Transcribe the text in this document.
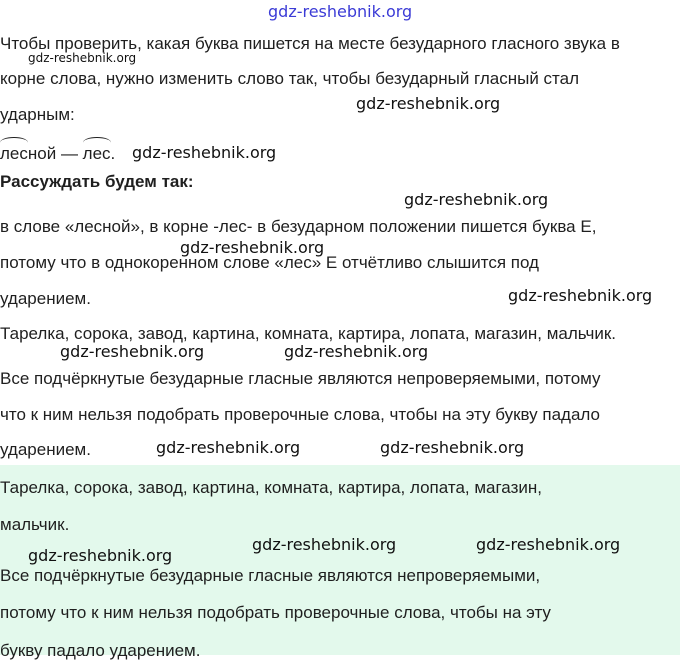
gdz-reshebnik.org
Чтобы проверить, какая буква пишется на месте безударного гласного звука в
корне слова, нужно изменить слово так, чтобы безударный гласный стал
ударным:
лесной — лес.
Рассуждать будем так:
в слове «лесной», в корне -лес- в безударном положении пишется буква Е,
потому что в однокоренном слове «лес» Е отчётливо слышится под
ударением.
Тарелка, сорока, завод, картина, комната, картира, лопата, магазин, мальчик.
Все подчёркнутые безударные гласные являются непроверяемыми, потому
что к ним нельзя подобрать проверочные слова, чтобы на эту букву падало
ударением.
Тарелка, сорока, завод, картина, комната, картира, лопата, магазин,
мальчик.
Все подчёркнутые безударные гласные являются непроверяемыми,
потому что к ним нельзя подобрать проверочные слова, чтобы на эту
букву падало ударением.
gdz-reshebnik.org
gdz-reshebnik.org
gdz-reshebnik.org
gdz-reshebnik.org
gdz-reshebnik.org
gdz-reshebnik.org
gdz-reshebnik.org	gdz-reshebnik.org
gdz-reshebnik.org	gdz-reshebnik.org
gdz-reshebnik.org
gdz-reshebnik.org	gdz-reshebnik.org
